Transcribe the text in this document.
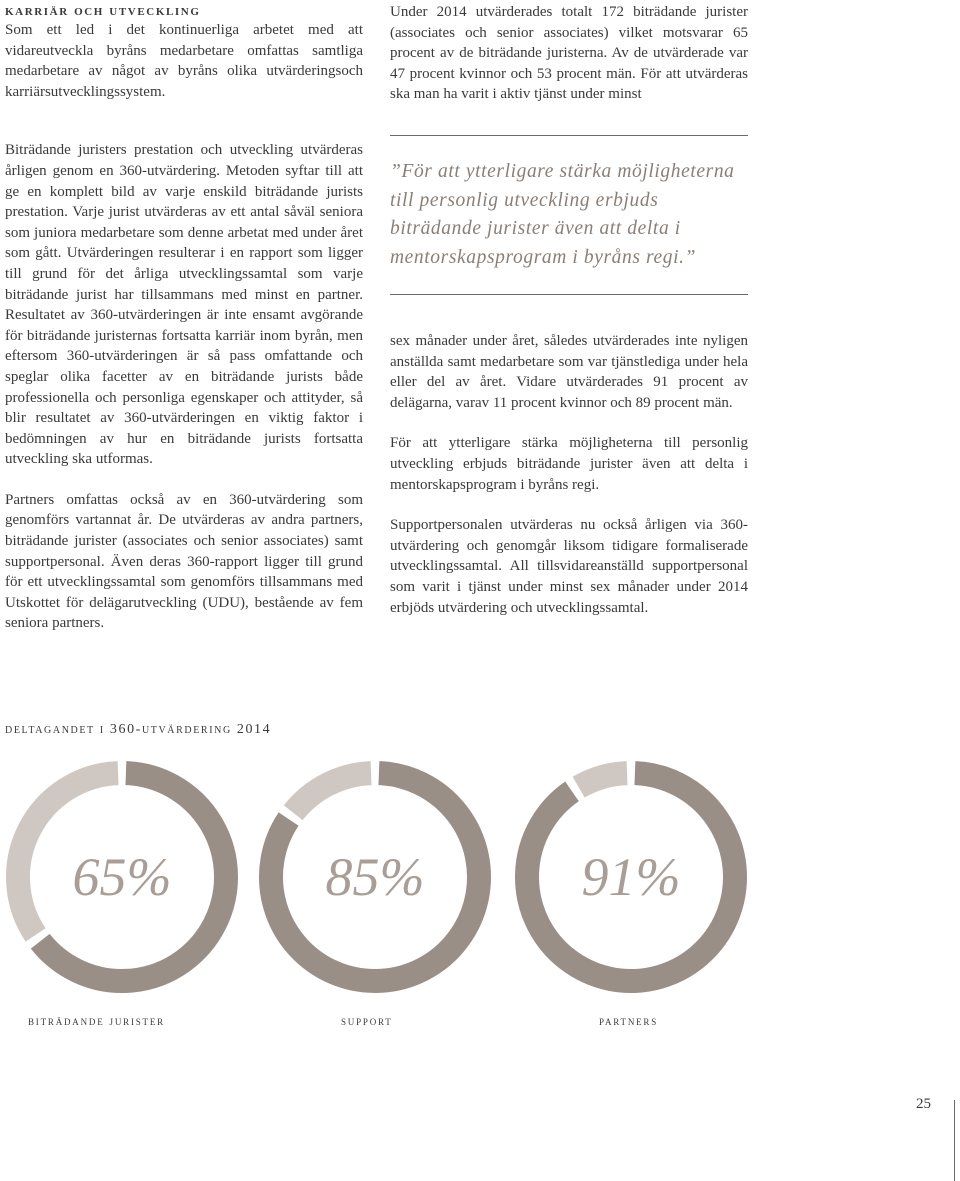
karriär och utveckling

Som ett led i det kontinuerliga arbetet med att vidareutveckla byråns medarbetare omfattas samtliga medarbetare av något av byråns olika utvärderingsoch karriärsutvecklingssystem.

Biträdande juristers prestation och utveckling utvärderas årligen genom en 360-utvärdering. Metoden syftar till att ge en komplett bild av varje enskild biträdande jurists prestation. Varje jurist utvärderas av ett antal såväl seniora som juniora medarbetare som denne arbetat med under året som gått. Utvärderingen resulterar i en rapport som ligger till grund för det årliga utvecklingssamtal som varje biträdande jurist har tillsammans med minst en partner. Resultatet av 360-utvärderingen är inte ensamt avgörande för biträdande juristernas fortsatta karriär inom byrån, men eftersom 360-utvärderingen är så pass omfattande och speglar olika facetter av en biträdande jurists både professionella och personliga egenskaper och attityder, så blir resultatet av 360-utvärderingen en viktig faktor i bedömningen av hur en biträdande jurists fortsatta utveckling ska utformas.

Partners omfattas också av en 360-utvärdering som genomförs vartannat år. De utvärderas av andra partners, biträdande jurister (associates och senior associates) samt supportpersonal. Även deras 360-rapport ligger till grund för ett utvecklingssamtal som genomförs tillsammans med Utskottet för delägarutveckling (UDU), bestående av fem seniora partners.

Under 2014 utvärderades totalt 172 biträdande jurister (associates och senior associates) vilket motsvarar 65 procent av de biträdande juristerna. Av de utvärderade var 47 procent kvinnor och 53 procent män. För att utvärderas ska man ha varit i aktiv tjänst under minst

”För att ytterligare stärka möjligheterna till personlig utveckling erbjuds biträdande jurister även att delta i mentorskapsprogram i byråns regi.”

sex månader under året, således utvärderades inte nyligen anställda samt medarbetare som var tjänstlediga under hela eller del av året. Vidare utvärderades 91 procent av delägarna, varav 11 procent kvinnor och 89 procent män.

För att ytterligare stärka möjligheterna till personlig utveckling erbjuds biträdande jurister även att delta i mentorskapsprogram i byråns regi.

Supportpersonalen utvärderas nu också årligen via 360-utvärdering och genomgår liksom tidigare formaliserade utvecklingssamtal. All tillsvidareanställd supportpersonal som varit i tjänst under minst sex månader under 2014 erbjöds utvärdering och utvecklingssamtal.

deltagandet i 360-utvärdering 2014
65%	85%	91%
biträdande jurister	support	partners
25
